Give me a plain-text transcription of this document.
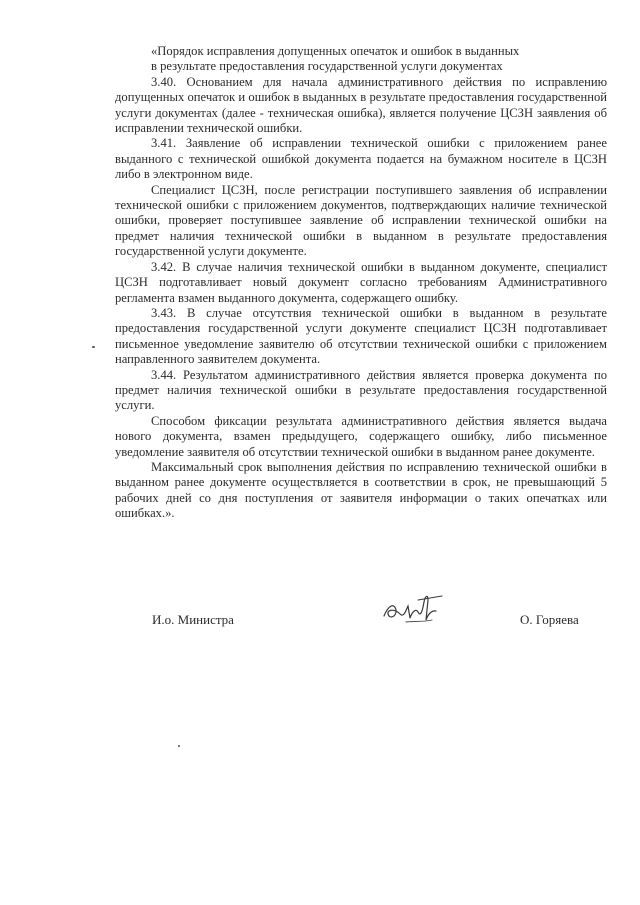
«Порядок исправления допущенных опечаток и ошибок в выданных

в результате предоставления государственной услуги документах

3.40. Основанием для начала административного действия по исправлению допущенных опечаток и ошибок в выданных в результате предоставления государственной услуги документах (далее - техническая ошибка), является получение ЦСЗН заявления об исправлении технической ошибки.

3.41. Заявление об исправлении технической ошибки с приложением ранее выданного с технической ошибкой документа подается на бумажном носителе в ЦСЗН либо в электронном виде.

Специалист ЦСЗН, после регистрации поступившего заявления об исправлении технической ошибки с приложением документов, подтверждающих наличие технической ошибки, проверяет поступившее заявление об исправлении технической ошибки на предмет наличия технической ошибки в выданном в результате предоставления государственной услуги документе.

3.42. В случае наличия технической ошибки в выданном документе, специалист ЦСЗН подготавливает новый документ согласно требованиям Административного регламента взамен выданного документа, содержащего ошибку.

3.43. В случае отсутствия технической ошибки в выданном в результате предоставления государственной услуги документе специалист ЦСЗН подготавливает письменное уведомление заявителю об отсутствии технической ошибки с приложением направленного заявителем документа.

3.44. Результатом административного действия является проверка документа по предмет наличия технической ошибки в результате предоставления государственной услуги.

Способом фиксации результата административного действия является выдача нового документа, взамен предыдущего, содержащего ошибку, либо письменное уведомление заявителя об отсутствии технической ошибки в выданном ранее документе.

Максимальный срок выполнения действия по исправлению технической ошибки в выданном ранее документе осуществляется в соответствии в срок, не превышающий 5 рабочих дней со дня поступления от заявителя информации о таких опечатках или ошибках.».

И.о. Министра	О. Горяева
